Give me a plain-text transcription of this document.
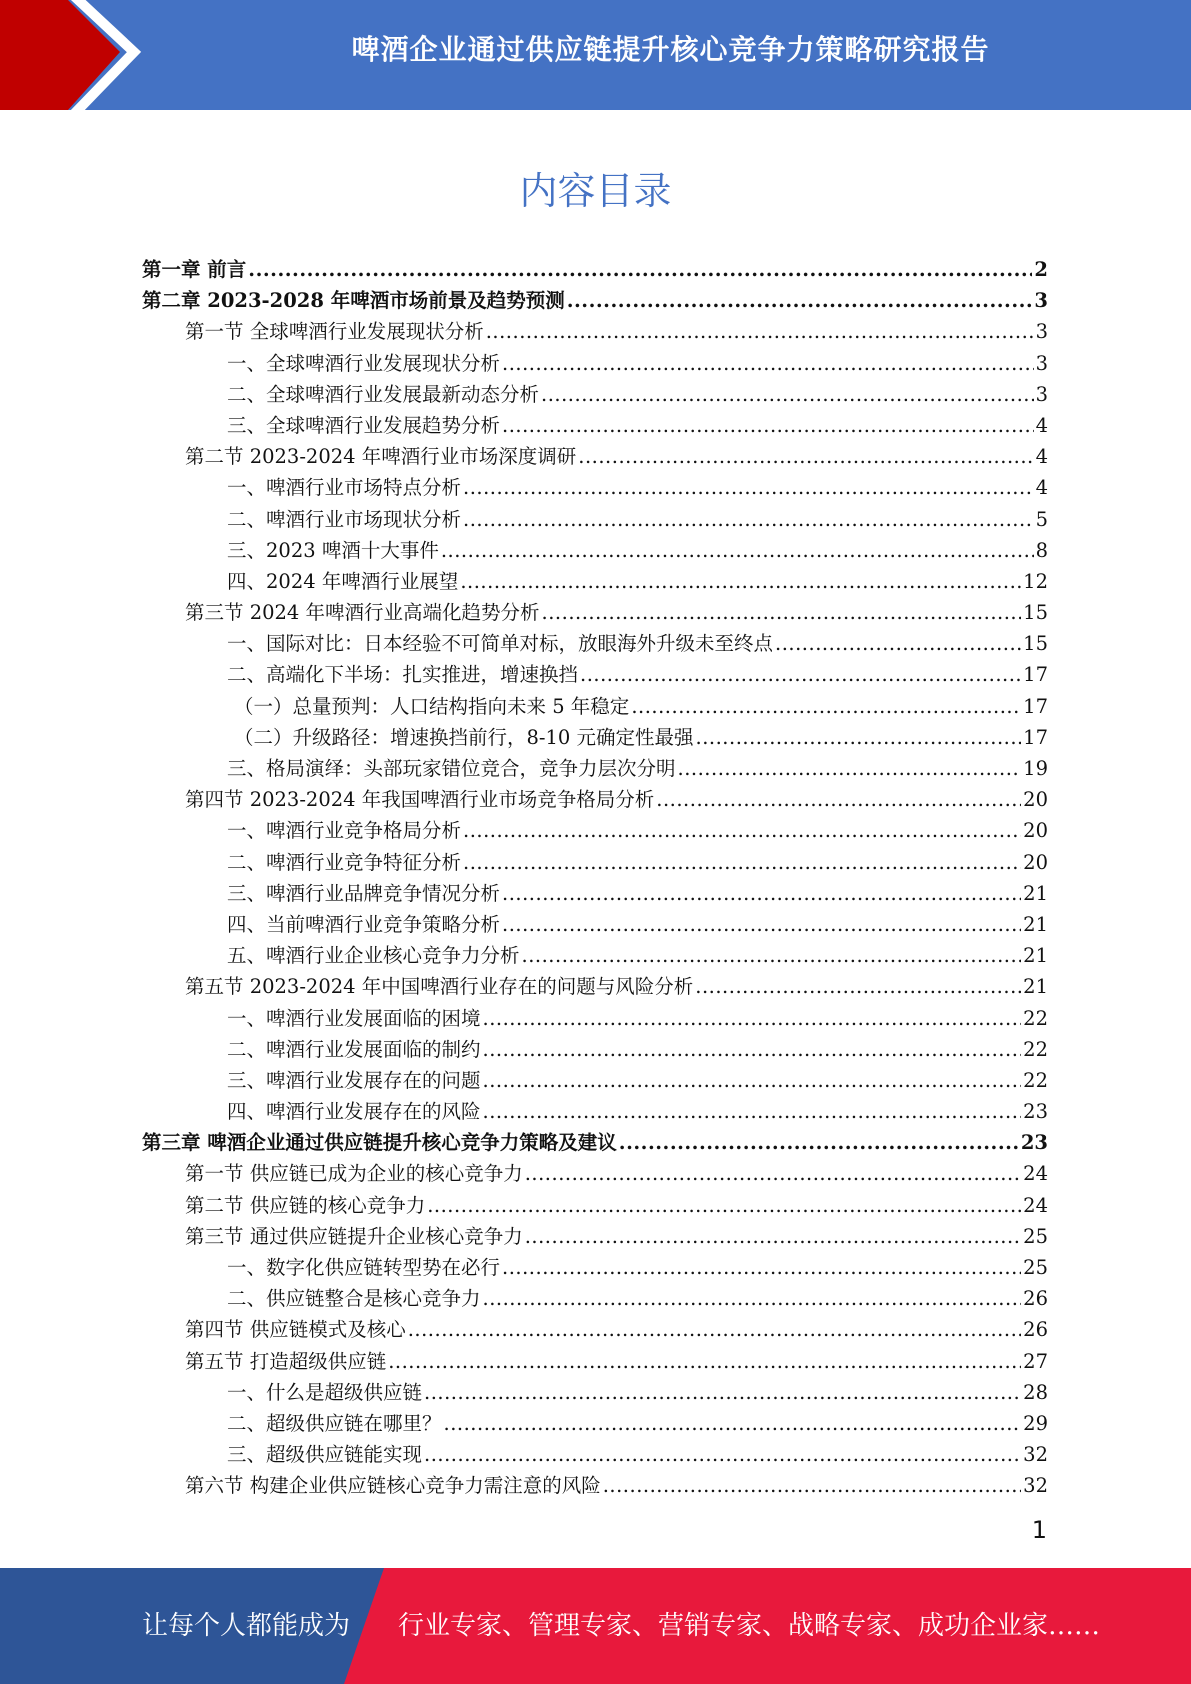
啤酒企业通过供应链提升核心竞争力策略研究报告
内容目录
第一章 前言 .....	2
第二章 2023-2028 年啤酒市场前景及趋势预测 .....	3
第一节 全球啤酒行业发展现状分析 .....	3
一、全球啤酒行业发展现状分析 .....	3
二、全球啤酒行业发展最新动态分析 .....	3
三、全球啤酒行业发展趋势分析 .....	4
第二节 2023-2024 年啤酒行业市场深度调研 .....	4
一、啤酒行业市场特点分析 .....	4
二、啤酒行业市场现状分析 .....	5
三、2023 啤酒十大事件 .....	8
四、2024 年啤酒行业展望 .....	12
第三节 2024 年啤酒行业高端化趋势分析 .....	15
一、国际对比：日本经验不可简单对标，放眼海外升级未至终点 .....	15
二、高端化下半场：扎实推进，增速换挡 .....	17
（一）总量预判：人口结构指向未来 5 年稳定 .....	17
（二）升级路径：增速换挡前行，8-10 元确定性最强 .....	17
三、格局演绎：头部玩家错位竞合，竞争力层次分明 .....	19
第四节 2023-2024 年我国啤酒行业市场竞争格局分析 .....	20
一、啤酒行业竞争格局分析 .....	20
二、啤酒行业竞争特征分析 .....	20
三、啤酒行业品牌竞争情况分析 .....	21
四、当前啤酒行业竞争策略分析 .....	21
五、啤酒行业企业核心竞争力分析 .....	21
第五节 2023-2024 年中国啤酒行业存在的问题与风险分析 .....	21
一、啤酒行业发展面临的困境 .....	22
二、啤酒行业发展面临的制约 .....	22
三、啤酒行业发展存在的问题 .....	22
四、啤酒行业发展存在的风险 .....	23
第三章 啤酒企业通过供应链提升核心竞争力策略及建议 .....	23
第一节 供应链已成为企业的核心竞争力 .....	24
第二节 供应链的核心竞争力 .....	24
第三节 通过供应链提升企业核心竞争力 .....	25
一、数字化供应链转型势在必行 .....	25
二、供应链整合是核心竞争力 .....	26
第四节 供应链模式及核心 .....	26
第五节 打造超级供应链 .....	27
一、什么是超级供应链 .....	28
二、超级供应链在哪里？ .....	29
三、超级供应链能实现 .....	32
第六节 构建企业供应链核心竞争力需注意的风险 .....	32
1
让每个人都能成为 行业专家、管理专家、营销专家、战略专家、成功企业家……
